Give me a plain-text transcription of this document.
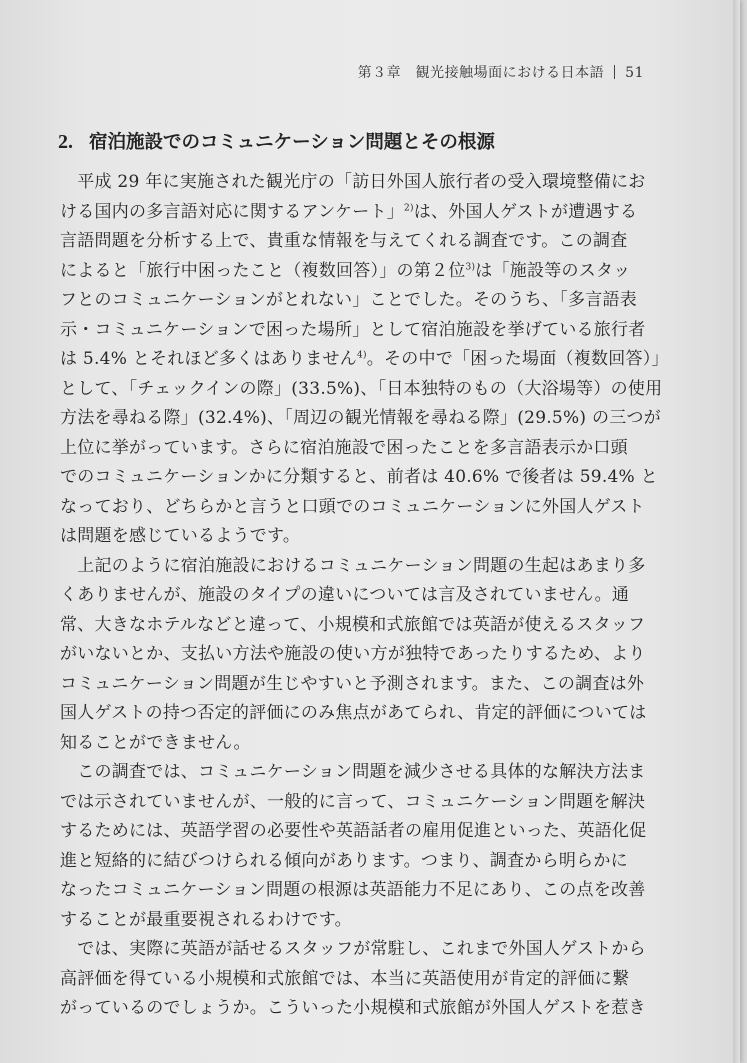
第３章　観光接触場面における日本語 51
2. 宿泊施設でのコミュニケーション問題とその根源
　平成 29 年に実施された観光庁の「訪日外国人旅行者の受入環境整備にお
ける国内の多言語対応に関するアンケート」$^{2)}$は、外国人ゲストが遭遇する
言語問題を分析する上で、貴重な情報を与えてくれる調査です。この調査
によると「旅行中困ったこと（複数回答）」の第２位$^{3)}$は「施設等のスタッ
フとのコミュニケーションがとれない」ことでした。そのうち、「多言語表
示・コミュニケーションで困った場所」として宿泊施設を挙げている旅行者
は 5.4% とそれほど多くはありません$^{4)}$。その中で「困った場面（複数回答）」
として、「チェックインの際」(33.5%)、「日本独特のもの（大浴場等）の使用
方法を尋ねる際」(32.4%)、「周辺の観光情報を尋ねる際」(29.5%) の三つが
上位に挙がっています。さらに宿泊施設で困ったことを多言語表示か口頭
でのコミュニケーションかに分類すると、前者は 40.6% で後者は 59.4% と
なっており、どちらかと言うと口頭でのコミュニケーションに外国人ゲスト
は問題を感じているようです。
　上記のように宿泊施設におけるコミュニケーション問題の生起はあまり多
くありませんが、施設のタイプの違いについては言及されていません。通
常、大きなホテルなどと違って、小規模和式旅館では英語が使えるスタッフ
がいないとか、支払い方法や施設の使い方が独特であったりするため、より
コミュニケーション問題が生じやすいと予測されます。また、この調査は外
国人ゲストの持つ否定的評価にのみ焦点があてられ、肯定的評価については
知ることができません。
　この調査では、コミュニケーション問題を減少させる具体的な解決方法ま
では示されていませんが、一般的に言って、コミュニケーション問題を解決
するためには、英語学習の必要性や英語話者の雇用促進といった、英語化促
進と短絡的に結びつけられる傾向があります。つまり、調査から明らかに
なったコミュニケーション問題の根源は英語能力不足にあり、この点を改善
することが最重要視されるわけです。
　では、実際に英語が話せるスタッフが常駐し、これまで外国人ゲストから
高評価を得ている小規模和式旅館では、本当に英語使用が肯定的評価に繋
がっているのでしょうか。こういった小規模和式旅館が外国人ゲストを惹き
